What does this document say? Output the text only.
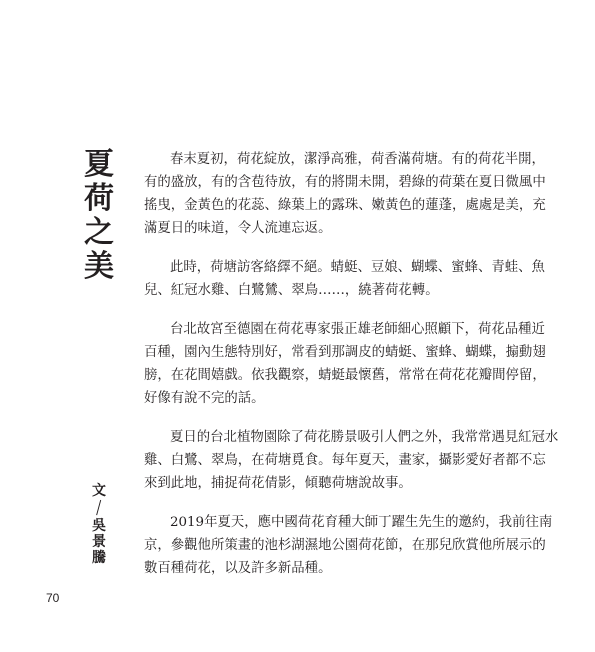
夏
荷
之
美
文
／
吳
景
騰
春末夏初，荷花綻放，潔淨高雅，荷香滿荷塘。有的荷花半開，
有的盛放，有的含苞待放，有的將開未開，碧綠的荷葉在夏日微風中
搖曳，金黃色的花蕊、綠葉上的露珠、嫩黃色的蓮蓬，處處是美，充
滿夏日的味道，令人流連忘返。
此時，荷塘訪客絡繹不絕。蜻蜓、豆娘、蝴蝶、蜜蜂、青蛙、魚
兒、紅冠水雞、白鷺鷥、翠鳥……，繞著荷花轉。
台北故宮至德園在荷花專家張正雄老師細心照顧下，荷花品種近
百種，園內生態特別好，常看到那調皮的蜻蜓、蜜蜂、蝴蝶，搧動翅
膀，在花間嬉戲。依我觀察，蜻蜓最懷舊，常常在荷花花瓣間停留，
好像有說不完的話。
夏日的台北植物園除了荷花勝景吸引人們之外，我常常遇見紅冠水
雞、白鷺、翠鳥，在荷塘覓食。每年夏天，畫家，攝影愛好者都不忘
來到此地，捕捉荷花倩影，傾聽荷塘說故事。
2019年夏天，應中國荷花育種大師丁躍生先生的邀約，我前往南
京，參觀他所策畫的池杉湖濕地公園荷花節，在那兒欣賞他所展示的
數百種荷花，以及許多新品種。
70
